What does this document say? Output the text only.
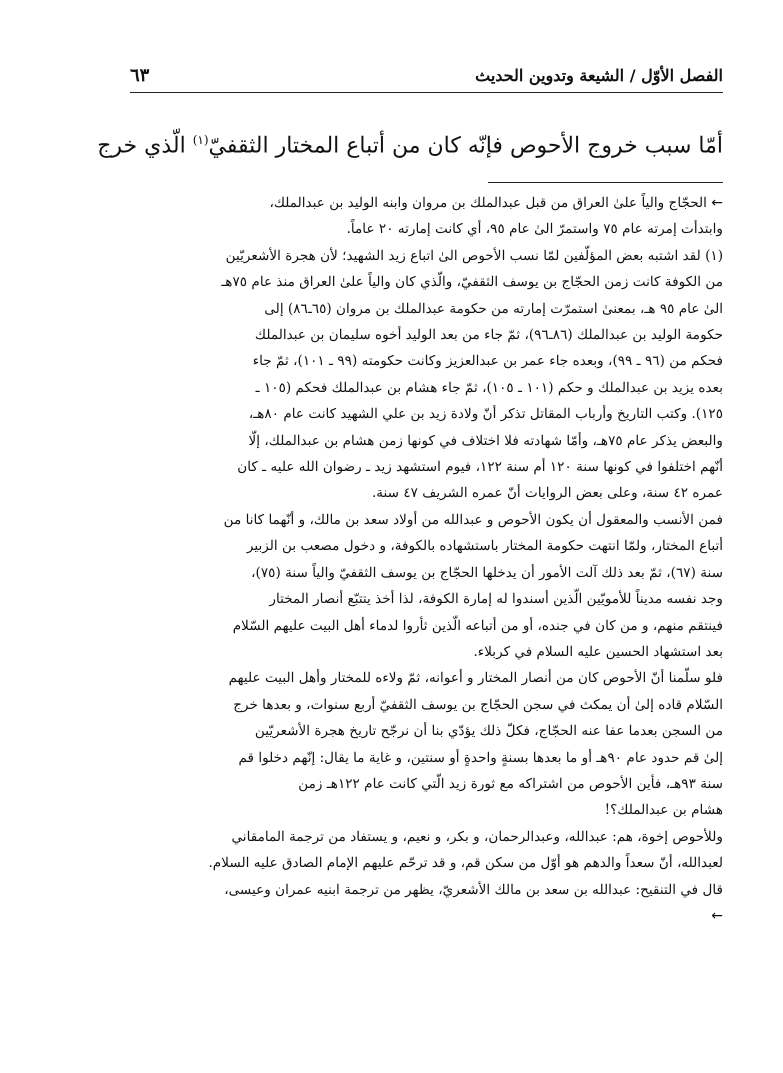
الفصل الأوّل / الشيعة وتدوين الحديث
٦٣
أمّا سبب خروج الأحوص فإنّه كان من أتباع المختار الثقفيّ$^{(١)}$ الّذي خرج
← الحجّاج والياً علىٰ العراق من قبل عبدالملك بن مروان وابنه الوليد بن عبدالملك،
وابتدأت إمرته عام ٧٥ واستمرّ الىٰ عام ٩٥، أي كانت إمارته ٢٠ عاماً.
(١) لقد اشتبه بعض المؤلّفين لمّا نسب الأحوص الىٰ اتباع زيد الشهيد؛ لأن هجرة الأشعريّين
من الكوفة كانت زمن الحجّاج بن يوسف الثقفيّ، والّذي كان والياً علىٰ العراق منذ عام ٧٥هـ
الىٰ عام ٩٥ هـ، بمعنىٰ استمرّت إمارته من حكومة عبدالملك بن مروان (٦٥ـ٨٦) إلى
حكومة الوليد بن عبدالملك (٨٦ـ٩٦)، ثمّ جاء من بعد الوليد أخوه سليمان بن عبدالملك
فحكم من (٩٦ ـ ٩٩)، وبعده جاء عمر بن عبدالعزيز وكانت حكومته (٩٩ ـ ١٠١)، ثمّ جاء
بعده يزيد بن عبدالملك و حكم (١٠١ ـ ١٠٥)، ثمّ جاء هشام بن عبدالملك فحكم (١٠٥ ـ
١٢٥). وكتب التاريخ وأرباب المقاتل تذكر أنّ ولادة زيد بن علي الشهيد كانت عام ٨٠هـ،
والبعض يذكر عام ٧٥هـ، وأمّا شهادته فلا اختلاف في كونها زمن هشام بن عبدالملك، إلّا
أنّهم اختلفوا في كونها سنة ١٢٠ أم سنة ١٢٢، فيوم استشهد زيد ـ رضوان الله عليه ـ كان
عمره ٤٢ سنة، وعلى بعض الروايات أنّ عمره الشريف ٤٧ سنة.
فمن الأنسب والمعقول أن يكون الأحوص و عبدالله من أولاد سعد بن مالك، و أنّهما كانا من
أتباع المختار، ولمّا انتهت حكومة المختار باستشهاده بالكوفة، و دخول مصعب بن الزبير
سنة (٦٧)، ثمّ بعد ذلك آلت الأمور أن يدخلها الحجّاج بن يوسف الثقفيّ والياً سنة (٧٥)،
وجد نفسه مديناً للأمويّين الّذين أسندوا له إمارة الكوفة، لذا أخذ يتتبّع أنصار المختار
فينتقم منهم، و من كان في جنده، أو من أتباعه الّذين ثأروا لدماء أهل البيت عليهم السّلام
بعد استشهاد الحسين عليه السلام في كربلاء.
فلو سلّمنا أنّ الأحوص كان من أنصار المختار و أعوانه، ثمّ ولاءه للمختار وأهل البيت عليهم
السّلام قاده إلىٰ أن يمكث في سجن الحجّاج بن يوسف الثقفيّ أربع سنوات، و بعدها خرج
من السجن بعدما عفا عنه الحجّاج، فكلّ ذلك يؤدّي بنا أن نرجّح تاريخ هجرة الأشعريّين
إلىٰ قم حدود عام ٩٠هـ أو ما بعدها بسنةٍ واحدةٍ أو سنتين، و غاية ما يقال: إنّهم دخلوا قم
سنة ٩٣هـ، فأين الأحوص من اشتراكه مع ثورة زيد الّتي كانت عام ١٢٢هـ زمن
هشام بن عبدالملك؟!
وللأحوص إخوة، هم: عبدالله، وعبدالرحمان، و بكر، و نعيم، و يستفاد من ترجمة المامقاني
لعبدالله، أنّ سعداً والدهم هو أوّل من سكن قم، و قد ترحّم عليهم الإمام الصادق عليه السلام.
قال في التنقيح: عبدالله بن سعد بن مالك الأشعريّ، يظهر من ترجمة ابنيه عمران وعيسى،
←
